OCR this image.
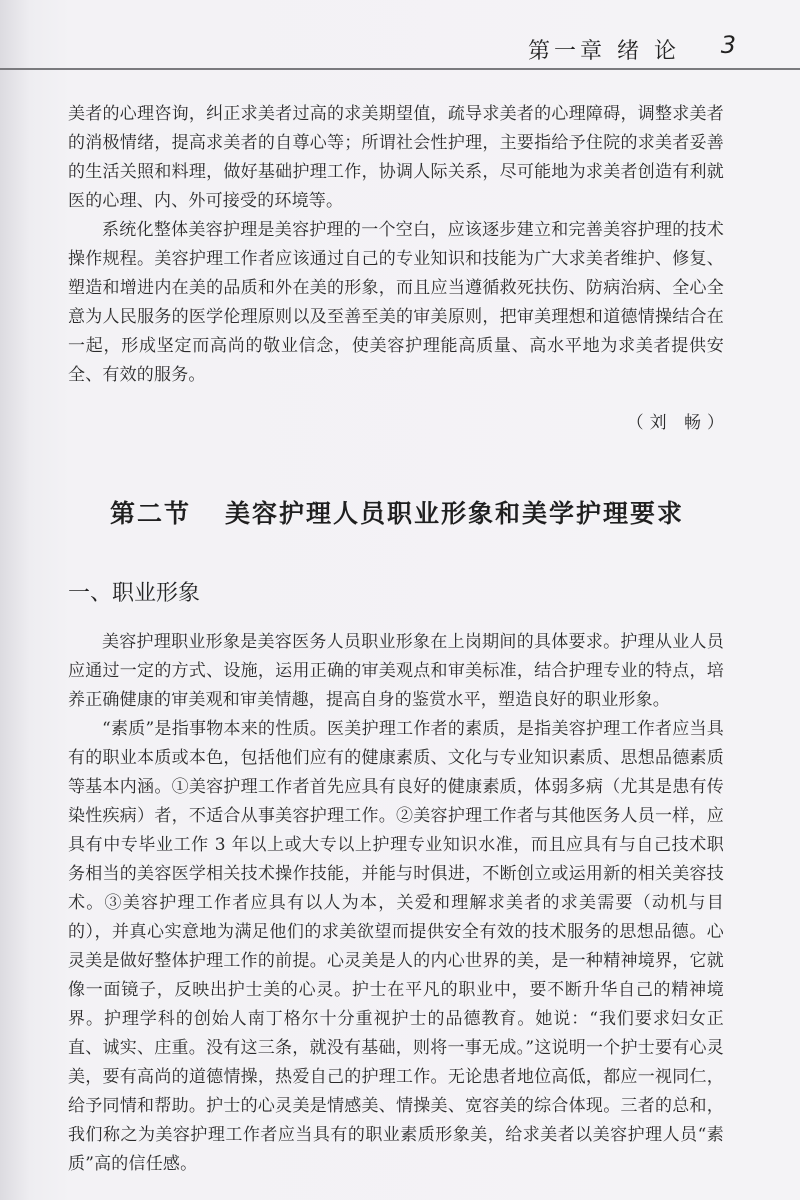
第一章 绪 论 3

美者的心理咨询，纠正求美者过高的求美期望值，疏导求美者的心理障碍，调整求美者的消极情绪，提高求美者的自尊心等；所谓社会性护理，主要指给予住院的求美者妥善的生活关照和料理，做好基础护理工作，协调人际关系，尽可能地为求美者创造有利就医的心理、内、外可接受的环境等。

系统化整体美容护理是美容护理的一个空白，应该逐步建立和完善美容护理的技术操作规程。美容护理工作者应该通过自己的专业知识和技能为广大求美者维护、修复、塑造和增进内在美的品质和外在美的形象，而且应当遵循救死扶伤、防病治病、全心全意为人民服务的医学伦理原则以及至善至美的审美原则，把审美理想和道德情操结合在一起，形成坚定而高尚的敬业信念，使美容护理能高质量、高水平地为求美者提供安全、有效的服务。

（刘 畅）
第二节 美容护理人员职业形象和美学护理要求
一、职业形象

美容护理职业形象是美容医务人员职业形象在上岗期间的具体要求。护理从业人员应通过一定的方式、设施，运用正确的审美观点和审美标准，结合护理专业的特点，培养正确健康的审美观和审美情趣，提高自身的鉴赏水平，塑造良好的职业形象。

“素质”是指事物本来的性质。医美护理工作者的素质，是指美容护理工作者应当具有的职业本质或本色，包括他们应有的健康素质、文化与专业知识素质、思想品德素质等基本内涵。①美容护理工作者首先应具有良好的健康素质，体弱多病（尤其是患有传染性疾病）者，不适合从事美容护理工作。②美容护理工作者与其他医务人员一样，应具有中专毕业工作 3 年以上或大专以上护理专业知识水准，而且应具有与自己技术职务相当的美容医学相关技术操作技能，并能与时俱进，不断创立或运用新的相关美容技术。③美容护理工作者应具有以人为本，关爱和理解求美者的求美需要（动机与目的），并真心实意地为满足他们的求美欲望而提供安全有效的技术服务的思想品德。心灵美是做好整体护理工作的前提。心灵美是人的内心世界的美，是一种精神境界，它就像一面镜子，反映出护士美的心灵。护士在平凡的职业中，要不断升华自己的精神境界。护理学科的创始人南丁格尔十分重视护士的品德教育。她说：“我们要求妇女正直、诚实、庄重。没有这三条，就没有基础，则将一事无成。”这说明一个护士要有心灵美，要有高尚的道德情操，热爱自己的护理工作。无论患者地位高低，都应一视同仁，给予同情和帮助。护士的心灵美是情感美、情操美、宽容美的综合体现。三者的总和，我们称之为美容护理工作者应当具有的职业素质形象美，给求美者以美容护理人员“素质”高的信任感。
